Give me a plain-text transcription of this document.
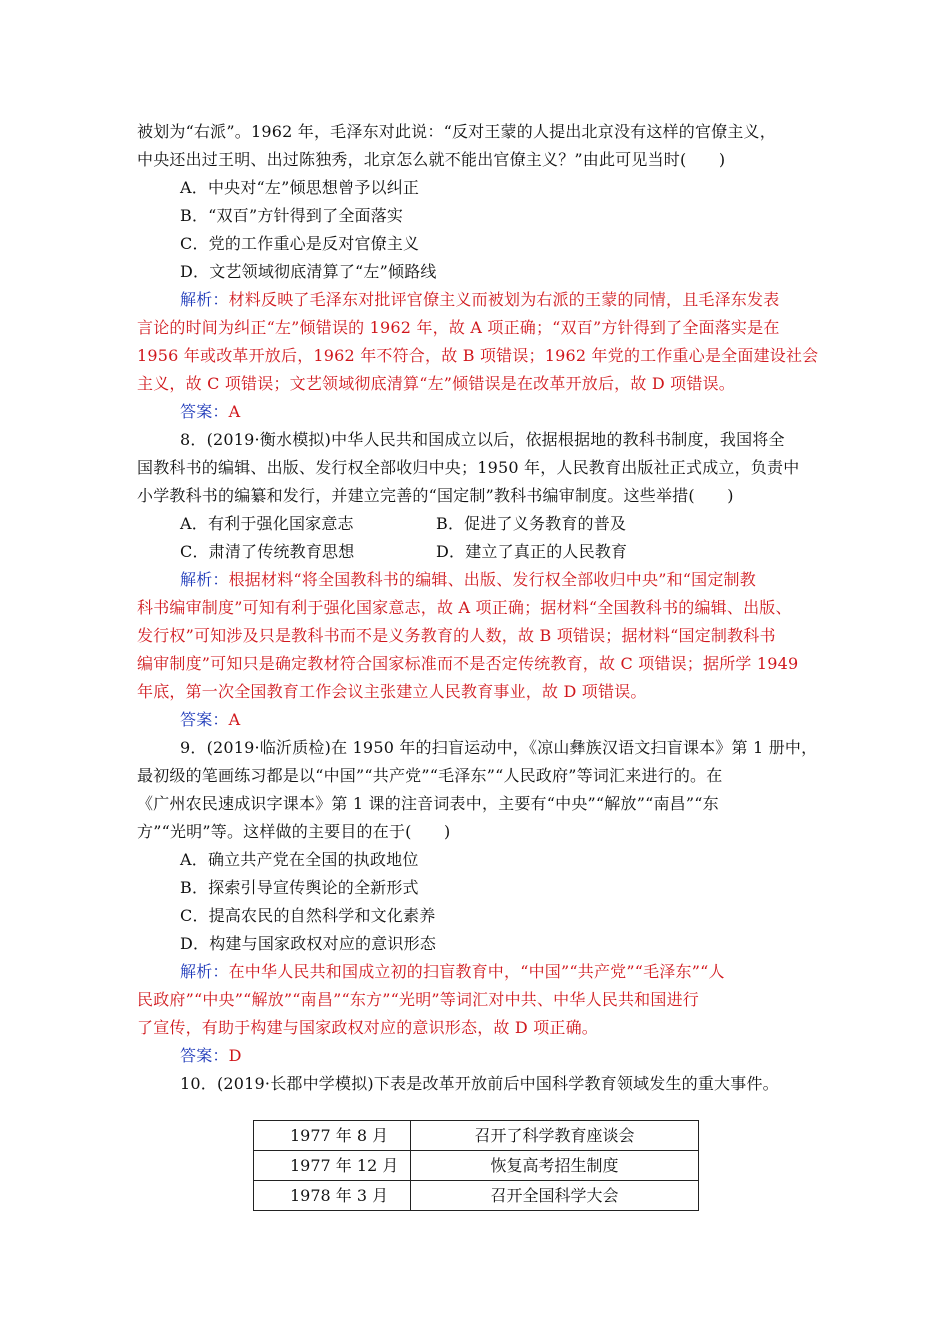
被划为“右派”。1962 年，毛泽东对此说：“反对王蒙的人提出北京没有这样的官僚主义，
中央还出过王明、出过陈独秀，北京怎么就不能出官僚主义？”由此可见当时(　　)
A．中央对“左”倾思想曾予以纠正
B．“双百”方针得到了全面落实
C．党的工作重心是反对官僚主义
D．文艺领域彻底清算了“左”倾路线
解析：材料反映了毛泽东对批评官僚主义而被划为右派的王蒙的同情，且毛泽东发表
言论的时间为纠正“左”倾错误的 1962 年，故 A 项正确；“双百”方针得到了全面落实是在
1956 年或改革开放后，1962 年不符合，故 B 项错误；1962 年党的工作重心是全面建设社会
主义，故 C 项错误；文艺领域彻底清算“左”倾错误是在改革开放后，故 D 项错误。
答案：A
8．(2019·衡水模拟)中华人民共和国成立以后，依据根据地的教科书制度，我国将全
国教科书的编辑、出版、发行权全部收归中央；1950 年，人民教育出版社正式成立，负责中
小学教科书的编纂和发行，并建立完善的“国定制”教科书编审制度。这些举措(　　)
A．有利于强化国家意志	B．促进了义务教育的普及
C．肃清了传统教育思想	D．建立了真正的人民教育
解析：根据材料“将全国教科书的编辑、出版、发行权全部收归中央”和“国定制教
科书编审制度”可知有利于强化国家意志，故 A 项正确；据材料“全国教科书的编辑、出版、
发行权”可知涉及只是教科书而不是义务教育的人数，故 B 项错误；据材料“国定制教科书
编审制度”可知只是确定教材符合国家标准而不是否定传统教育，故 C 项错误；据所学 1949
年底，第一次全国教育工作会议主张建立人民教育事业，故 D 项错误。
答案：A
9．(2019·临沂质检)在 1950 年的扫盲运动中，《凉山彝族汉语文扫盲课本》第 1 册中，
最初级的笔画练习都是以“中国”“共产党”“毛泽东”“人民政府”等词汇来进行的。在
《广州农民速成识字课本》第 1 课的注音词表中，主要有“中央”“解放”“南昌”“东
方”“光明”等。这样做的主要目的在于(　　)
A．确立共产党在全国的执政地位
B．探索引导宣传舆论的全新形式
C．提高农民的自然科学和文化素养
D．构建与国家政权对应的意识形态
解析：在中华人民共和国成立初的扫盲教育中，“中国”“共产党”“毛泽东”“人
民政府”“中央”“解放”“南昌”“东方”“光明”等词汇对中共、中华人民共和国进行
了宣传，有助于构建与国家政权对应的意识形态，故 D 项正确。
答案：D
10．(2019·长郡中学模拟)下表是改革开放前后中国科学教育领域发生的重大事件。
1977 年 8 月	召开了科学教育座谈会
1977 年 12 月	恢复高考招生制度
1978 年 3 月	召开全国科学大会
